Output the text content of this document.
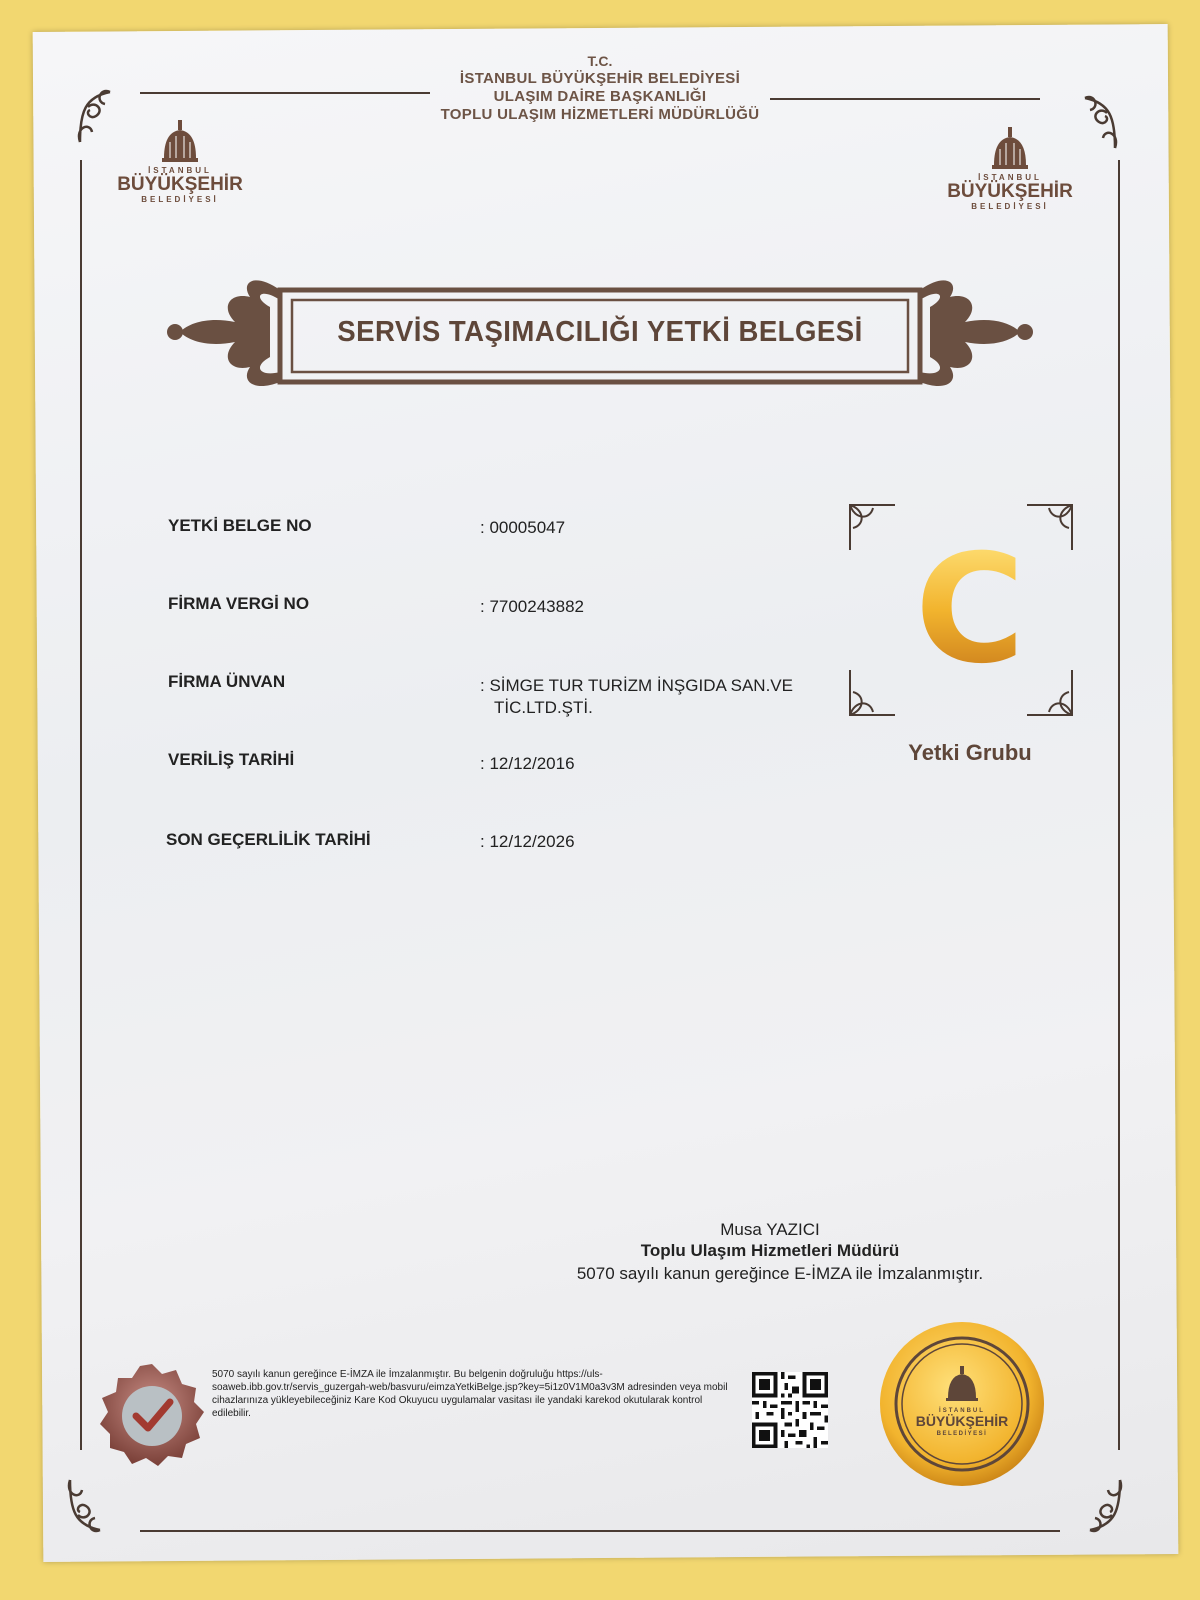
T.C.
İSTANBUL BÜYÜKŞEHİR BELEDİYESİ
ULAŞIM DAİRE BAŞKANLIĞI
TOPLU ULAŞIM HİZMETLERİ MÜDÜRLÜĞÜ
İSTANBUL
BÜYÜKŞEHİR
BELEDİYESİ
İSTANBUL
BÜYÜKŞEHİR
BELEDİYESİ
SERVİS TAŞIMACILIĞI YETKİ BELGESİ
YETKİ BELGE NO	: 00005047
FİRMA VERGİ NO	: 7700243882
FİRMA ÜNVAN	: SİMGE TUR TURİZM İNŞGIDA SAN.VE
TİC.LTD.ŞTİ.
VERİLİŞ TARİHİ	: 12/12/2016
SON GEÇERLİLİK TARİHİ	: 12/12/2026
C
Yetki Grubu
Musa YAZICI
Toplu Ulaşım Hizmetleri Müdürü
5070 sayılı kanun gereğince E-İMZA ile İmzalanmıştır.
5070 sayılı kanun gereğince E-İMZA ile İmzalanmıştır. Bu belgenin doğruluğu https://uls-soaweb.ibb.gov.tr/servis_guzergah-web/basvuru/eimzaYetkiBelge.jsp?key=5i1z0V1M0a3v3M adresinden veya mobil cihazlarınıza yükleyebileceğiniz Kare Kod Okuyucu uygulamalar vasitası ile yandaki karekod okutularak kontrol edilebilir.	İSTANBUL
BÜYÜKŞEHİR
BELEDİYESİ
